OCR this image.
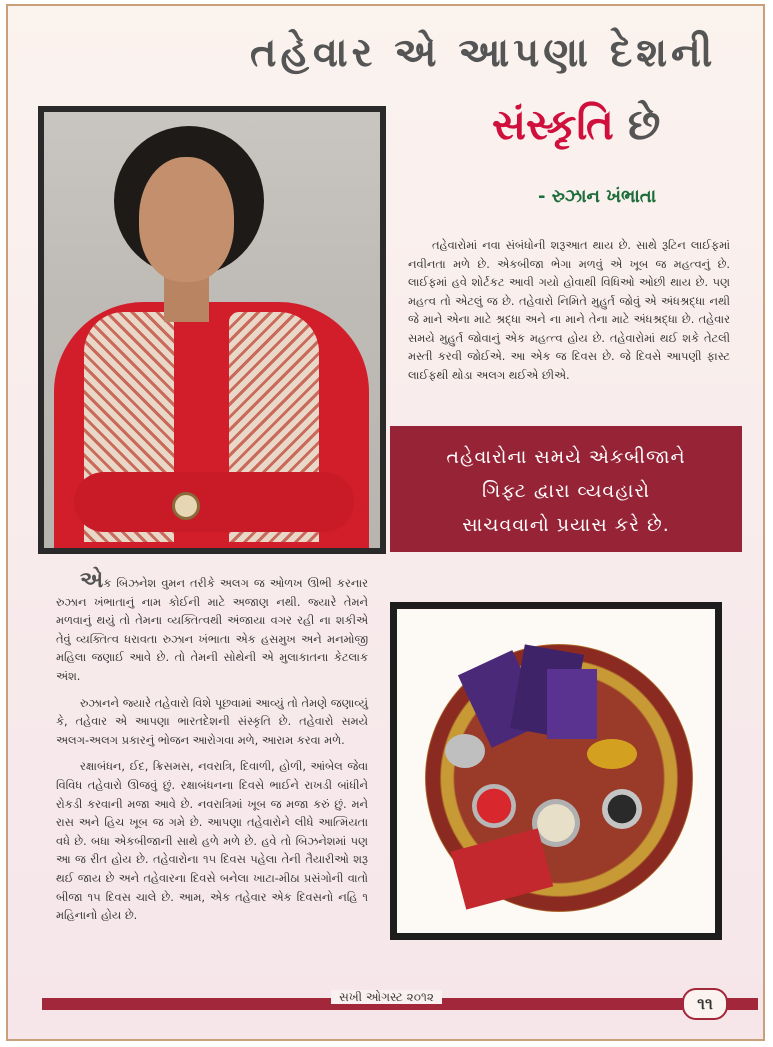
તહેવાર એ આપણા દેશની
સંસ્કૃતિ છે
- રુઝાન ખંભાતા
તહેવારોમાં નવા સંબંધોની શરૂઆત થાય છે. સાથે રૂટિન લાઈફમાં નવીનતા મળે છે. એકબીજા ભેગા મળવું એ ખૂબ જ મહત્વનું છે. લાઈફમાં હવે શોર્ટકટ આવી ગયો હોવાથી વિધિઓ ઓછી થાય છે. પણ મહત્વ તો એટલું જ છે. તહેવારો નિમિતે મુહુર્ત જોવું એ અંધશ્રદ્ધા નથી જે માને એના માટે શ્રદ્ધા અને ના માને તેના માટે અંધશ્રદ્ધા છે. તહેવાર સમયે મુહુર્ત જોવાનું એક મહત્ત્વ હોય છે. તહેવારોમાં થઈ શકે તેટલી મસ્તી કરવી જોઈએ. આ એક જ દિવસ છે. જે દિવસે આપણી ફાસ્ટ લાઈફથી થોડા અલગ થઈએ છીએ.
તહેવારોના સમયે એકબીજાને
ગિફ્ટ દ્વારા વ્યવહારો
સાચવવાનો પ્રયાસ કરે છે.

એક બિઝનેશ વુમન તરીકે અલગ જ ઓળખ ઊભી કરનાર રુઝાન ખંભાતાનું નામ કોઈની માટે અજાણ નથી. જ્યારે તેમને મળવાનું થયું તો તેમના વ્યક્તિત્વથી અંજાયા વગર રહી ના શકીએ તેવું વ્યક્તિત્વ ધરાવતા રુઝાન ખંભાતા એક હસમુખ અને મનમોજી મહિલા જણાઈ આવે છે. તો તેમની સોથેની એ મુલાકાતના કેટલાક અંશ.

રુઝાનને જ્યારે તહેવારો વિશે પૂછવામાં આવ્યું તો તેમણે જણાવ્યું કે, તહેવાર એ આપણા ભારતદેશની સંસ્કૃતિ છે. તહેવારો સમયે અલગ-અલગ પ્રકારનું ભોજન આરોગવા મળે, આરામ કરવા મળે.

રક્ષાબંધન, ઈદ, ક્રિસમસ, નવરાત્રિ, દિવાળી, હોળી, આંબેલ જેવા વિવિધ તહેવારો ઊજવું છું. રક્ષાબંધનના દિવસે ભાઈને રાખડી બાંધીને રોકડી કરવાની મજા આવે છે. નવરાત્રિમાં ખૂબ જ મજા કરું છું. મને રાસ અને હિચ ખૂબ જ ગમે છે. આપણા તહેવારોને લીધે આત્મિયતા વધે છે. બધા એકબીજાની સાથે હળે મળે છે. હવે તો બિઝનેશમાં પણ આ જ રીત હોય છે. તહેવારોના ૧૫ દિવસ પહેલા તેની તૈયારીઓ શરૂ થઈ જાય છે અને તહેવારના દિવસે બનેલા ખાટા-મીઠા પ્રસંગોની વાતો બીજા ૧૫ દિવસ ચાલે છે. આમ, એક તહેવાર એક દિવસનો નહિ ૧ મહિનાનો હોય છે.

સખી ઓગસ્ટ ૨૦૧૨	૧૧
